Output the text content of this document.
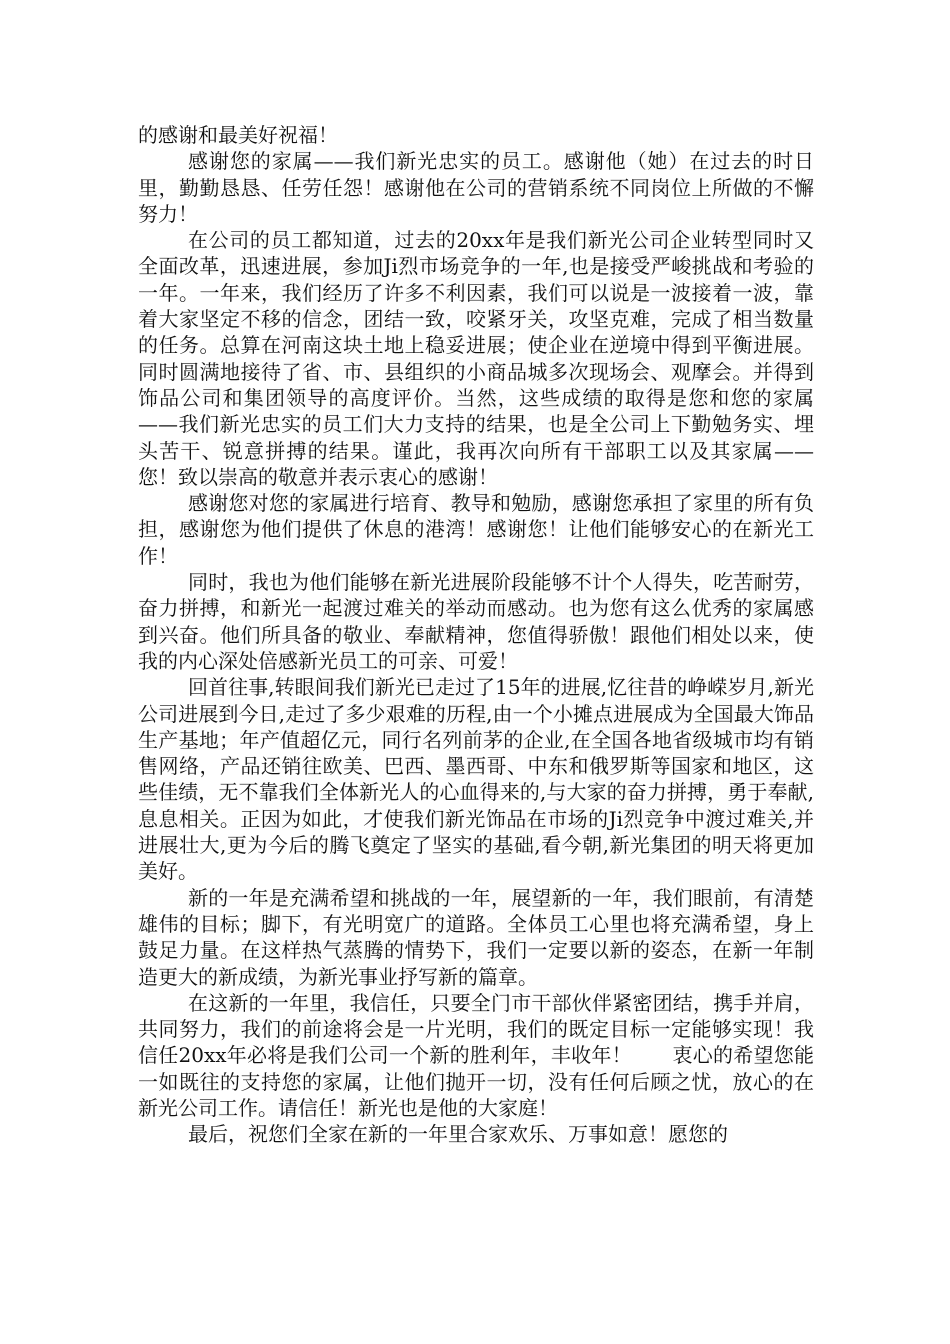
的感谢和最美好祝福！

感谢您的家属——我们新光忠实的员工。感谢他（她）在过去的时日里，勤勤恳恳、任劳任怨！感谢他在公司的营销系统不同岗位上所做的不懈努力！

在公司的员工都知道，过去的20xx年是我们新光公司企业转型同时又全面改革，迅速进展，参加Ji烈市场竞争的一年,也是接受严峻挑战和考验的一年。一年来，我们经历了许多不利因素，我们可以说是一波接着一波，靠着大家坚定不移的信念，团结一致，咬紧牙关，攻坚克难，完成了相当数量的任务。总算在河南这块土地上稳妥进展；使企业在逆境中得到平衡进展。同时圆满地接待了省、市、县组织的小商品城多次现场会、观摩会。并得到饰品公司和集团领导的高度评价。当然，这些成绩的取得是您和您的家属——我们新光忠实的员工们大力支持的结果，也是全公司上下勤勉务实、埋头苦干、锐意拼搏的结果。谨此，我再次向所有干部职工以及其家属——您！致以崇高的敬意并表示衷心的感谢！

感谢您对您的家属进行培育、教导和勉励，感谢您承担了家里的所有负担，感谢您为他们提供了休息的港湾！感谢您！让他们能够安心的在新光工作！

同时，我也为他们能够在新光进展阶段能够不计个人得失，吃苦耐劳，奋力拼搏，和新光一起渡过难关的举动而感动。也为您有这么优秀的家属感到兴奋。他们所具备的敬业、奉献精神，您值得骄傲！跟他们相处以来，使我的内心深处倍感新光员工的可亲、可爱！

回首往事,转眼间我们新光已走过了15年的进展,忆往昔的峥嵘岁月,新光公司进展到今日,走过了多少艰难的历程,由一个小摊点进展成为全国最大饰品生产基地；年产值超亿元，同行名列前茅的企业,在全国各地省级城市均有销售网络，产品还销往欧美、巴西、墨西哥、中东和俄罗斯等国家和地区，这些佳绩，无不靠我们全体新光人的心血得来的,与大家的奋力拼搏，勇于奉献,息息相关。正因为如此，才使我们新光饰品在市场的Ji烈竞争中渡过难关,并进展壮大,更为今后的腾飞奠定了坚实的基础,看今朝,新光集团的明天将更加美好。

新的一年是充满希望和挑战的一年，展望新的一年，我们眼前，有清楚雄伟的目标；脚下，有光明宽广的道路。全体员工心里也将充满希望，身上鼓足力量。在这样热气蒸腾的情势下，我们一定要以新的姿态，在新一年制造更大的新成绩，为新光事业抒写新的篇章。

在这新的一年里，我信任，只要全门市干部伙伴紧密团结，携手并肩，共同努力，我们的前途将会是一片光明，我们的既定目标一定能够实现！我信任20xx年必将是我们公司一个新的胜利年，丰收年！　　衷心的希望您能一如既往的支持您的家属，让他们抛开一切，没有任何后顾之忧，放心的在新光公司工作。请信任！新光也是他的大家庭！

最后，祝您们全家在新的一年里合家欢乐、万事如意！愿您的
